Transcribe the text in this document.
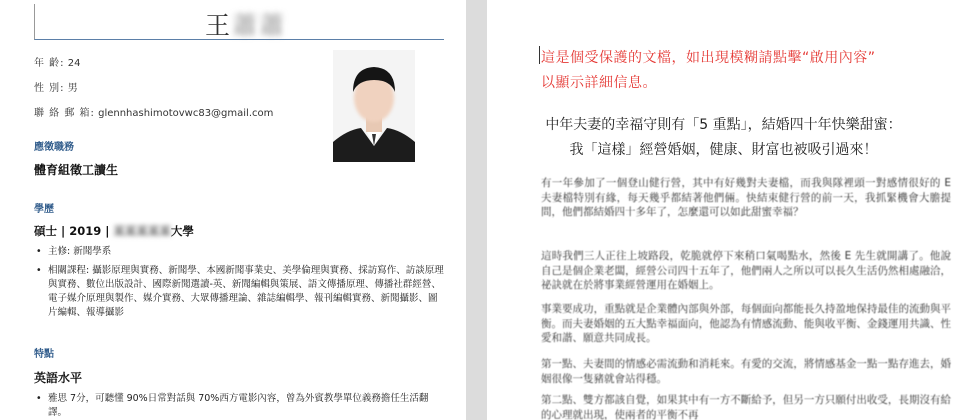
王蕭蕭
年 齡: 24
性 別: 男
聯 絡 郵 箱: glennhashimotovwc83@gmail.com
應徵職務
體育組徵工讀生
學歷
碩士 | 2019 | 某某某某某大學
• 主修: 新聞學系
• 相關課程: 攝影原理與實務、新聞學、本國新聞事業史、美學倫理與實務、採訪寫作、訪談原理與實務、數位出版設計、國際新聞選讀-英、新聞編輯與策展、語文傳播原理、傳播社群經營、電子媒介原理與製作、媒介實務、大眾傳播理論、雜誌編輯學、報刊編輯實務、新聞攝影、圖片編輯、報導攝影
特點
英語水平
• 雅思 7分，可聽懂 90%日常對話與 70%西方電影內容，曾為外賓教學單位義務擔任生活翻譯。
這是個受保護的文檔，如出現模糊請點擊“啟用內容”
以顯示詳細信息。
中年夫妻的幸福守則有「5 重點」，結婚四十年快樂甜蜜：
我「這樣」經營婚姻，健康、財富也被吸引過來！
有一年參加了一個登山健行營，其中有好幾對夫妻檔，而我與隊裡頭一對感情很好的 E 夫妻檔特別有緣，每天幾乎都結著他們倆。快結束健行營的前一天，我抓緊機會大膽提問，他們都結婚四十多年了，怎麼還可以如此甜蜜幸福？
這時我們三人正往上坡路段，乾脆就停下來稍口氣喝點水，然後 E 先生就開講了。他說自己是個企業老闆，經營公司四十五年了，他們兩人之所以可以長久生活仍然相處融洽，祕訣就在於將事業經營運用在婚姻上。
事業要成功，重點就是企業體內部與外部，每個面向都能長久持盈地保持最佳的流動與平衡。而夫妻婚姻的五大點幸福面向，他認為有情感流動、能與收平衡、金錢運用共識、性愛和諧、願意共同成長。
第一點、夫妻間的情感必需流動和消耗來。有愛的交流，將情感基金一點一點存進去，婚姻很像一隻豬就會站得穩。
第二點、雙方都該自覺，如果其中有一方不斷給予，但另一方只願付出收受，長期沒有給的心理就出現，使兩者的平衡不再
